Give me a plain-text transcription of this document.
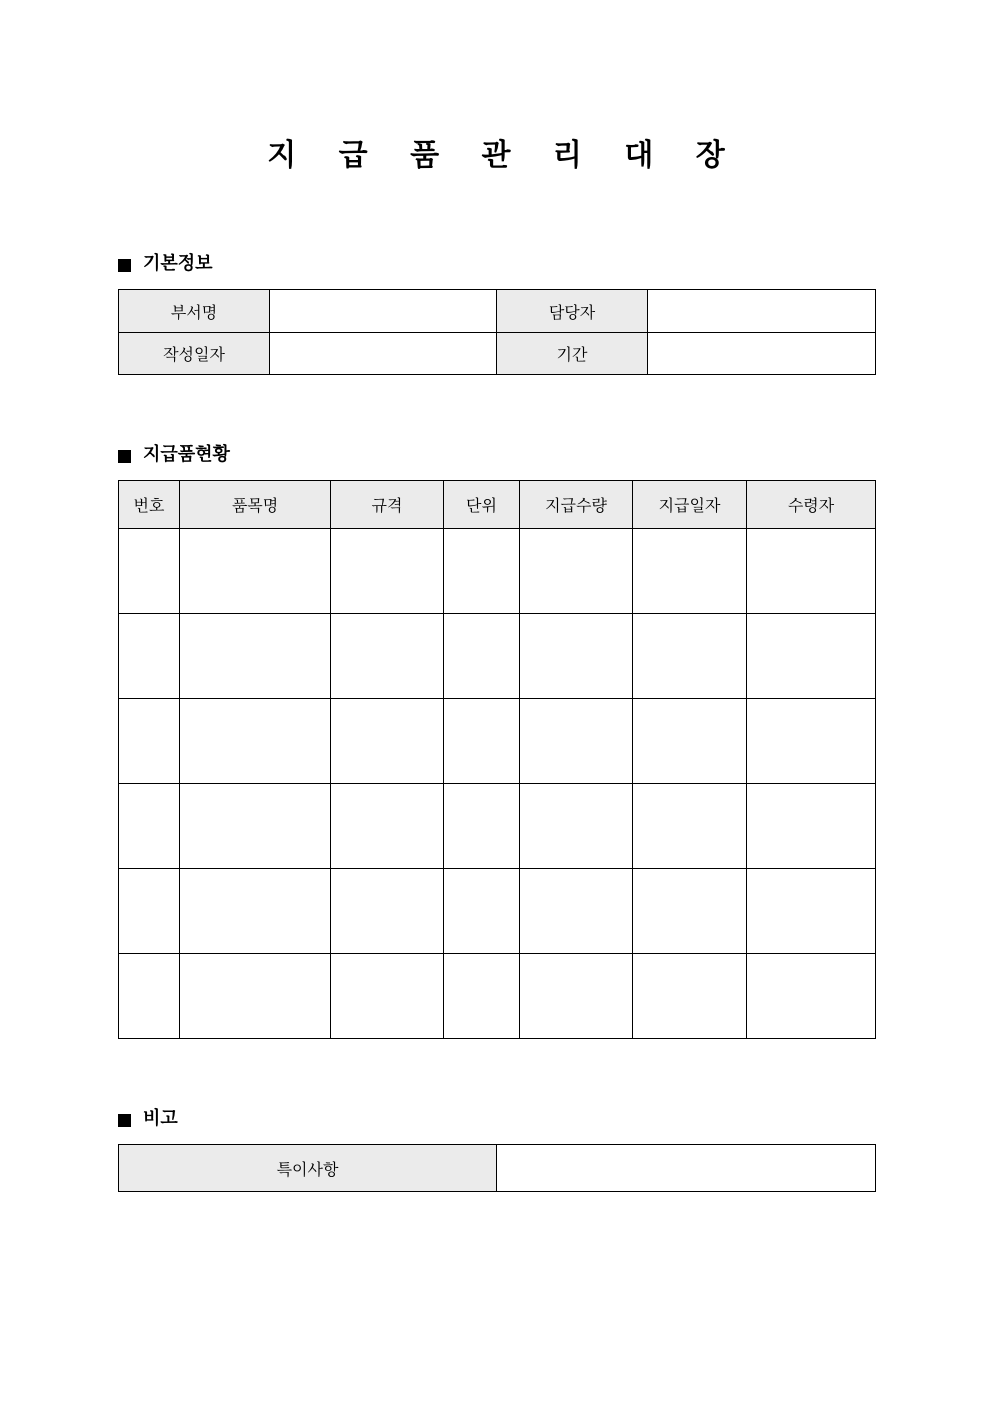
지 급 품 관 리 대 장
기본정보
부서명		담당자	
작성일자		기간	
지급품현황
번호	품목명	규격	단위	지급수량	지급일자	수령자

비고
특이사항	
